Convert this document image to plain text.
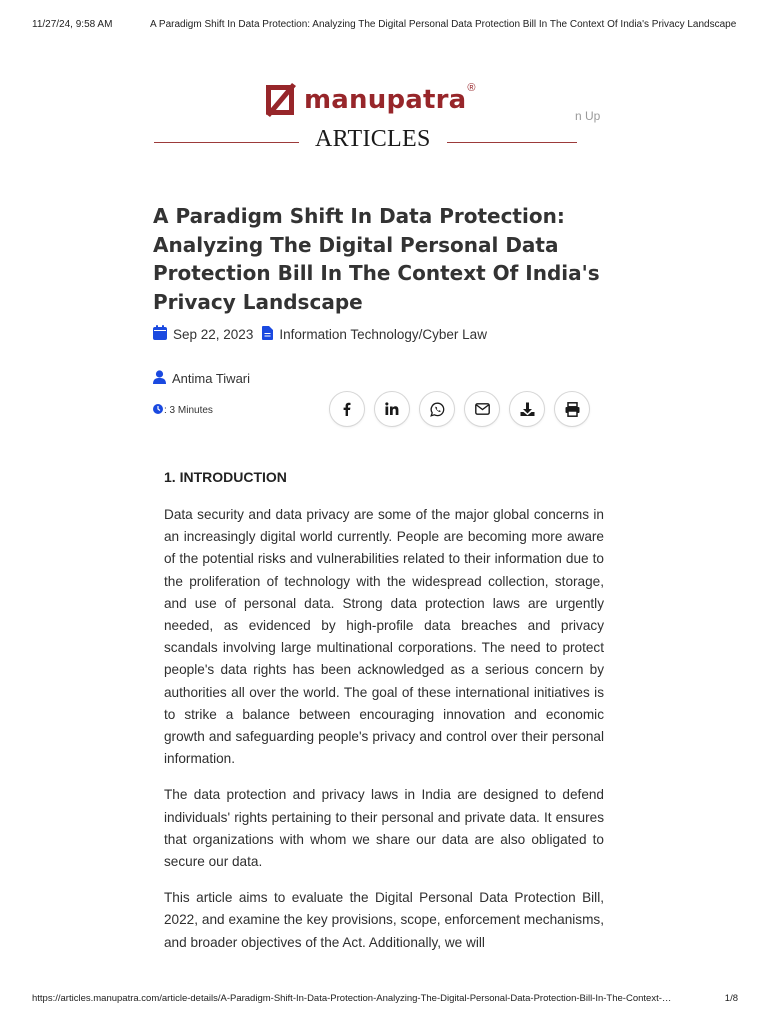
11/27/24, 9:58 AM	A Paradigm Shift In Data Protection: Analyzing The Digital Personal Data Protection Bill In The Context Of India's Privacy Landscape
manupatra ®
n Up
ARTICLES
A Paradigm Shift In Data Protection: Analyzing The Digital Personal Data Protection Bill In The Context Of India's Privacy Landscape
Sep 22, 2023 Information Technology/Cyber Law
Antima Tiwari
: 3 Minutes
1. INTRODUCTION

Data security and data privacy are some of the major global concerns in an increasingly digital world currently. People are becoming more aware of the potential risks and vulnerabilities related to their information due to the proliferation of technology with the widespread collection, storage, and use of personal data. Strong data protection laws are urgently needed, as evidenced by high-profile data breaches and privacy scandals involving large multinational corporations. The need to protect people's data rights has been acknowledged as a serious concern by authorities all over the world. The goal of these international initiatives is to strike a balance between encouraging innovation and economic growth and safeguarding people's privacy and control over their personal information.

The data protection and privacy laws in India are designed to defend individuals' rights pertaining to their personal and private data. It ensures that organizations with whom we share our data are also obligated to secure our data.

This article aims to evaluate the Digital Personal Data Protection Bill, 2022, and examine the key provisions, scope, enforcement mechanisms, and broader objectives of the Act. Additionally, we will

https://articles.manupatra.com/article-details/A-Paradigm-Shift-In-Data-Protection-Analyzing-The-Digital-Personal-Data-Protection-Bill-In-The-Context-…	1/8
